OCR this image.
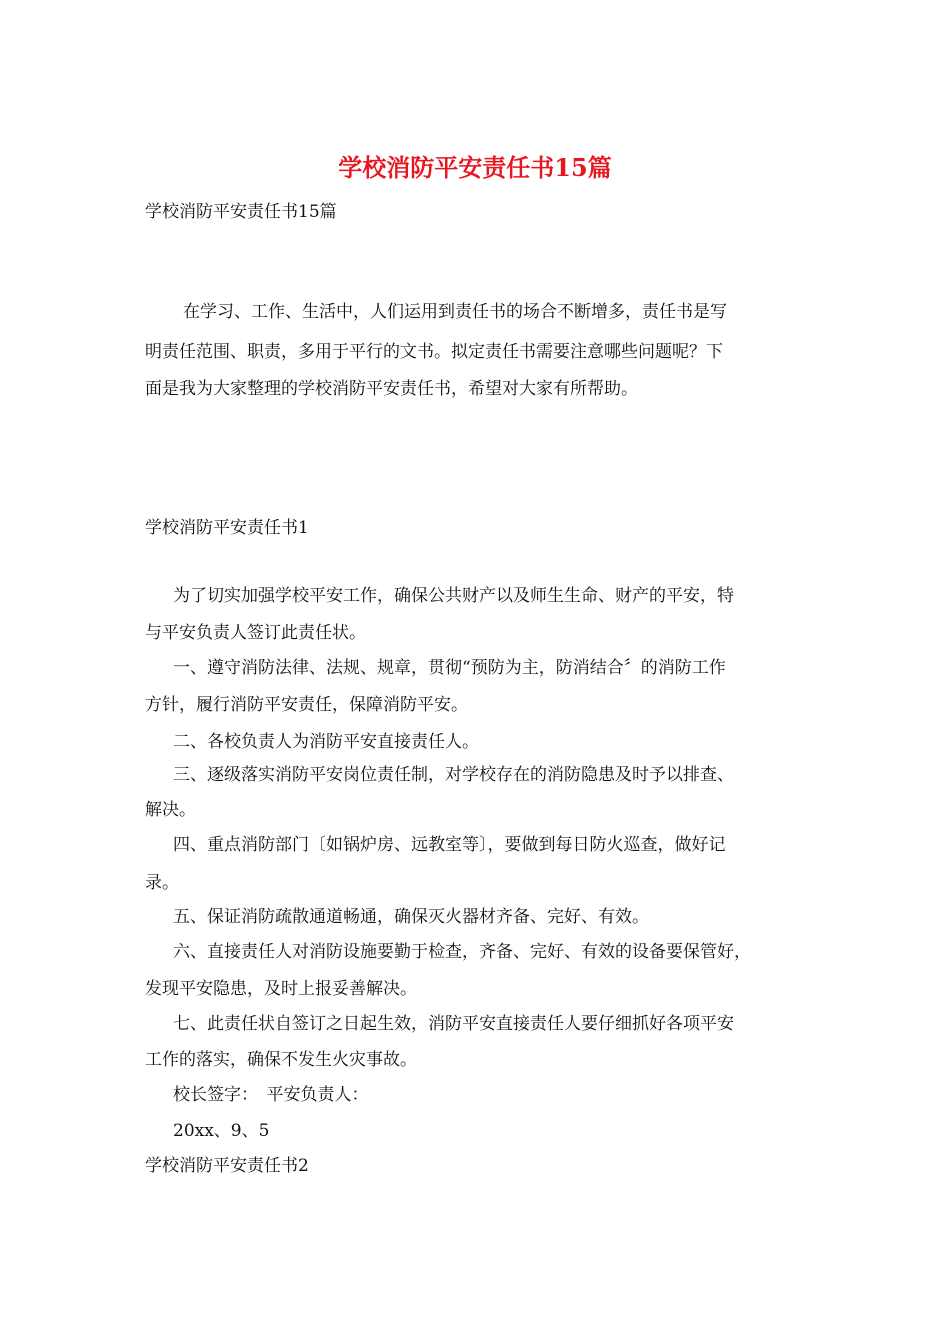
学校消防平安责任书15篇
学校消防平安责任书15篇
在学习、工作、生活中，人们运用到责任书的场合不断增多，责任书是写
明责任范围、职责，多用于平行的文书。拟定责任书需要注意哪些问题呢？下
面是我为大家整理的学校消防平安责任书，希望对大家有所帮助。
学校消防平安责任书1
为了切实加强学校平安工作，确保公共财产以及师生生命、财产的平安，特
与平安负责人签订此责任状。
一、遵守消防法律、法规、规章，贯彻“预防为主，防消结合〞的消防工作
方针，履行消防平安责任，保障消防平安。
二、各校负责人为消防平安直接责任人。
三、逐级落实消防平安岗位责任制，对学校存在的消防隐患及时予以排查、
解决。
四、重点消防部门〔如锅炉房、远教室等〕，要做到每日防火巡查，做好记
录。
五、保证消防疏散通道畅通，确保灭火器材齐备、完好、有效。
六、直接责任人对消防设施要勤于检查，齐备、完好、有效的设备要保管好，
发现平安隐患，及时上报妥善解决。
七、此责任状自签订之日起生效，消防平安直接责任人要仔细抓好各项平安
工作的落实，确保不发生火灾事故。
校长签字：　平安负责人：
20xx、9、5
学校消防平安责任书2
